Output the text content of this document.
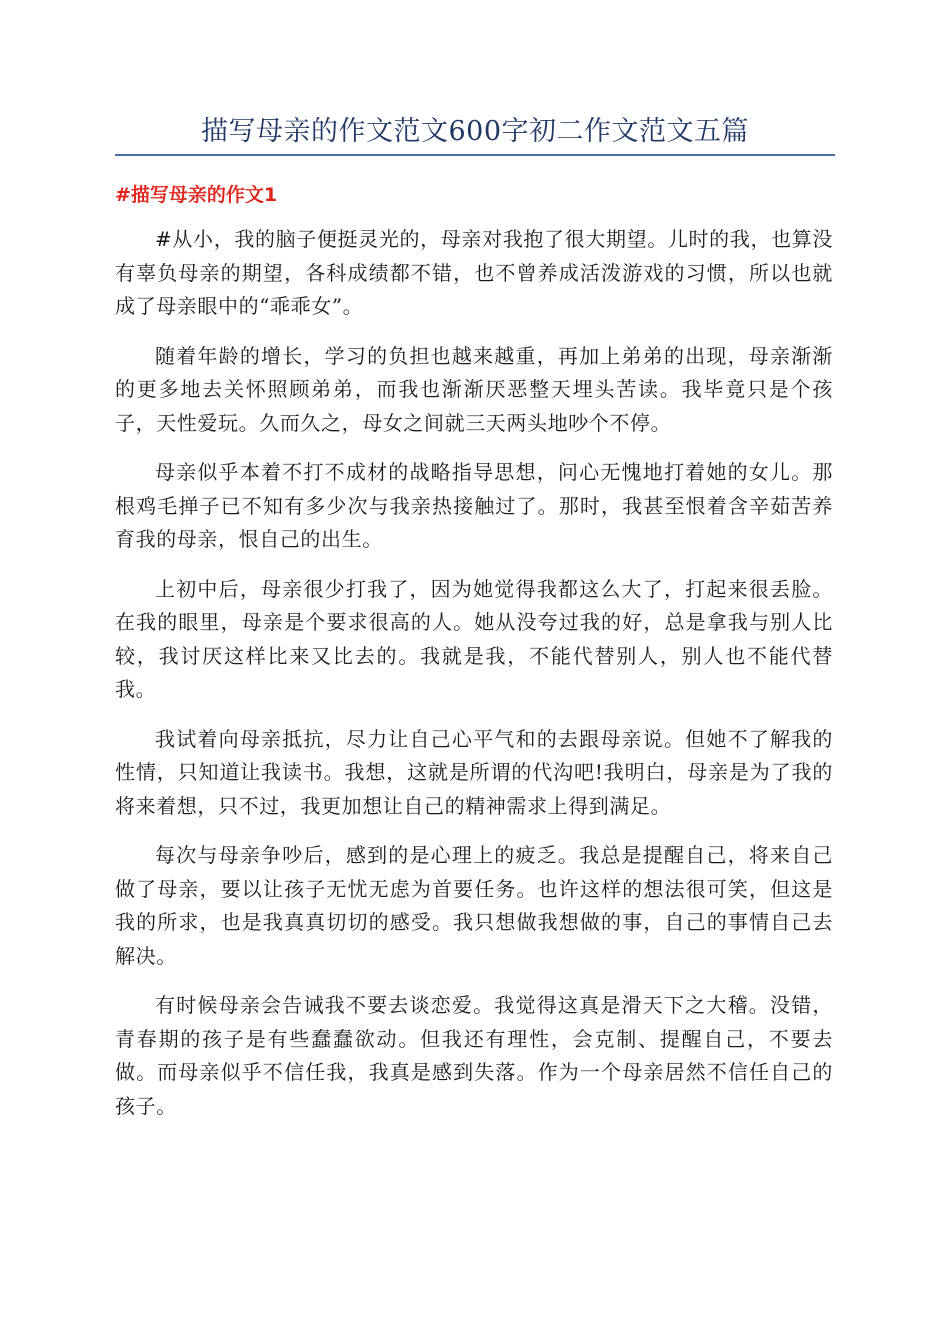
描写母亲的作文范文600字初二作文范文五篇
#描写母亲的作文1

#从小，我的脑子便挺灵光的，母亲对我抱了很大期望。儿时的我，也算没有辜负母亲的期望，各科成绩都不错，也不曾养成活泼游戏的习惯，所以也就成了母亲眼中的“乖乖女”。

随着年龄的增长，学习的负担也越来越重，再加上弟弟的出现，母亲渐渐的更多地去关怀照顾弟弟，而我也渐渐厌恶整天埋头苦读。我毕竟只是个孩子，天性爱玩。久而久之，母女之间就三天两头地吵个不停。

母亲似乎本着不打不成材的战略指导思想，问心无愧地打着她的女儿。那根鸡毛掸子已不知有多少次与我亲热接触过了。那时，我甚至恨着含辛茹苦养育我的母亲，恨自己的出生。

上初中后，母亲很少打我了，因为她觉得我都这么大了，打起来很丢脸。在我的眼里，母亲是个要求很高的人。她从没夸过我的好，总是拿我与别人比较，我讨厌这样比来又比去的。我就是我，不能代替别人，别人也不能代替我。

我试着向母亲抵抗，尽力让自己心平气和的去跟母亲说。但她不了解我的性情，只知道让我读书。我想，这就是所谓的代沟吧!我明白，母亲是为了我的将来着想，只不过，我更加想让自己的精神需求上得到满足。

每次与母亲争吵后，感到的是心理上的疲乏。我总是提醒自己，将来自己做了母亲，要以让孩子无忧无虑为首要任务。也许这样的想法很可笑，但这是我的所求，也是我真真切切的感受。我只想做我想做的事，自己的事情自己去解决。

有时候母亲会告诫我不要去谈恋爱。我觉得这真是滑天下之大稽。没错，青春期的孩子是有些蠢蠢欲动。但我还有理性，会克制、提醒自己，不要去做。而母亲似乎不信任我，我真是感到失落。作为一个母亲居然不信任自己的孩子。
